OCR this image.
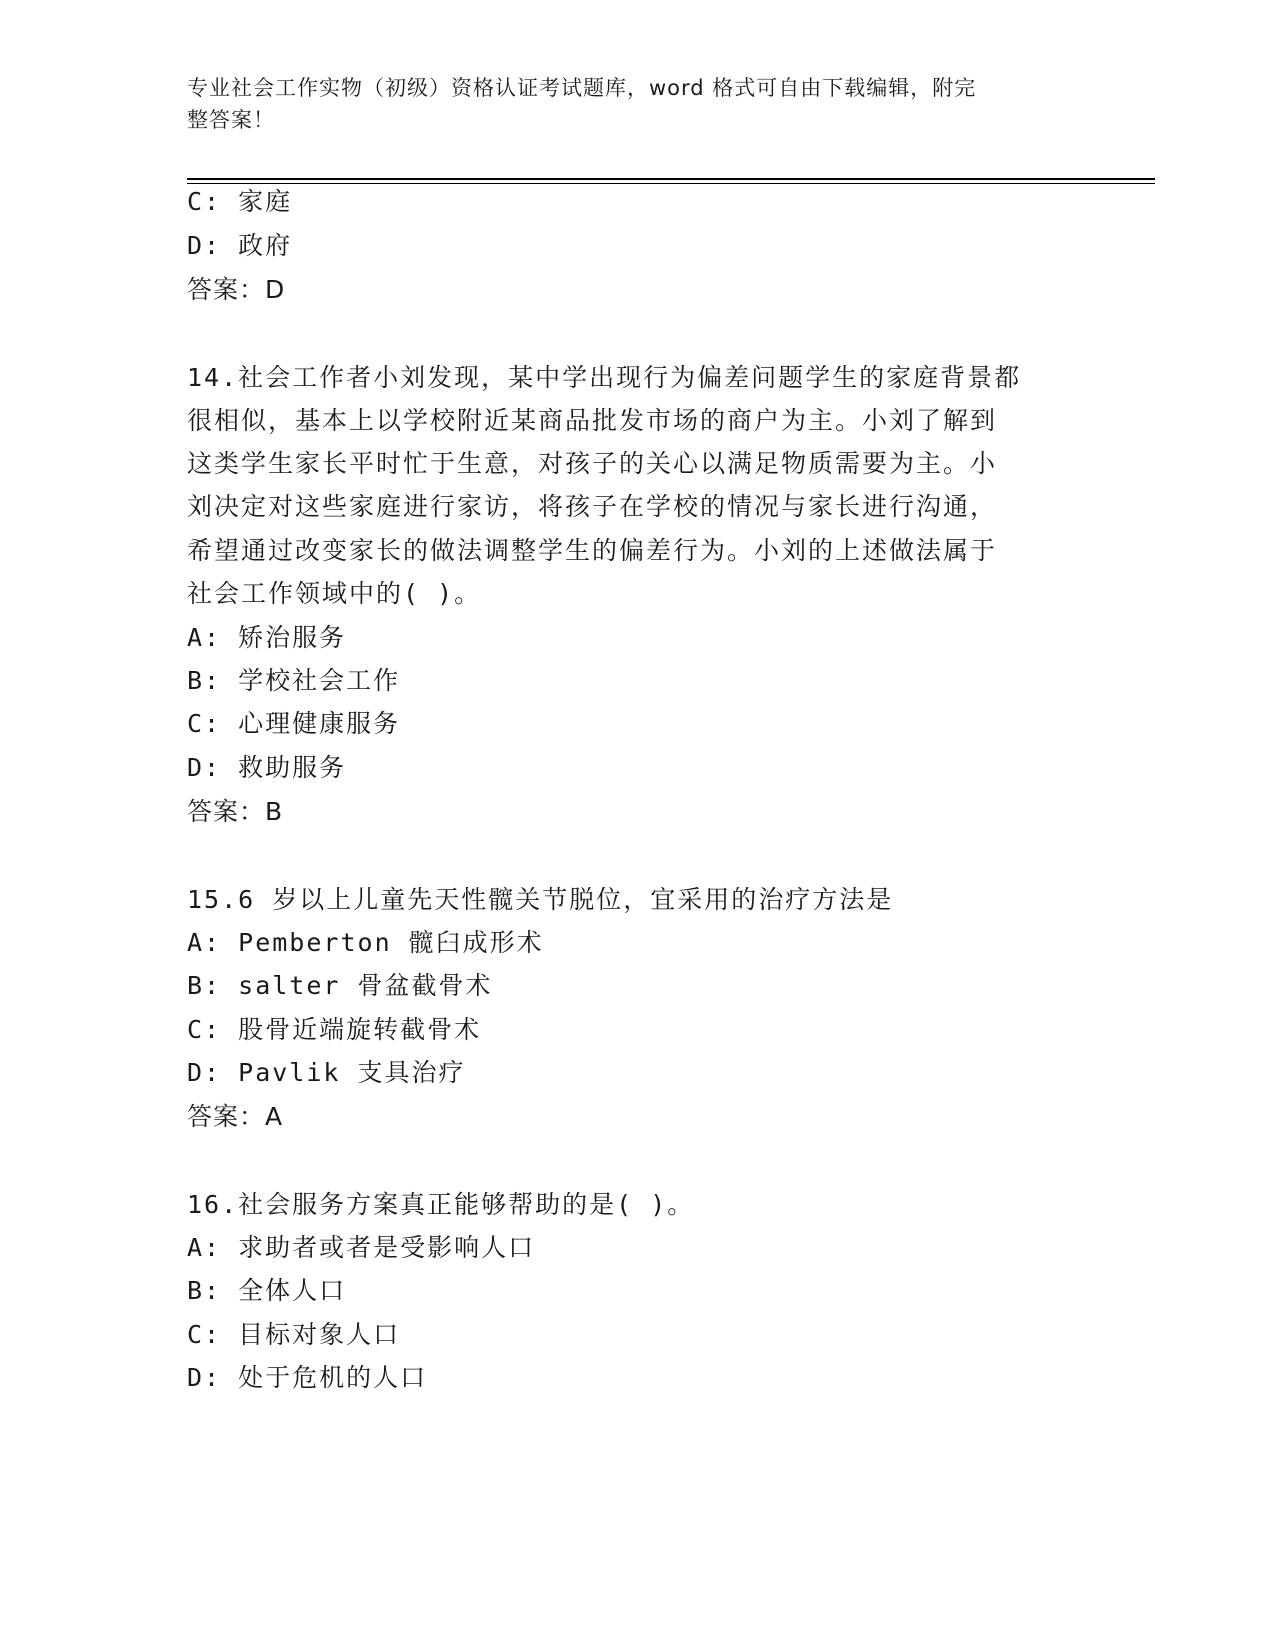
专业社会工作实物（初级）资格认证考试题库，word 格式可自由下载编辑，附完
整答案！
C: 家庭
D: 政府
答案：D
14.社会工作者小刘发现，某中学出现行为偏差问题学生的家庭背景都
很相似，基本上以学校附近某商品批发市场的商户为主。小刘了解到
这类学生家长平时忙于生意，对孩子的关心以满足物质需要为主。小
刘决定对这些家庭进行家访，将孩子在学校的情况与家长进行沟通，
希望通过改变家长的做法调整学生的偏差行为。小刘的上述做法属于
社会工作领域中的( )。
A: 矫治服务
B: 学校社会工作
C: 心理健康服务
D: 救助服务
答案：B
15.6 岁以上儿童先天性髋关节脱位，宜采用的治疗方法是
A: Pemberton 髋臼成形术
B: salter 骨盆截骨术
C: 股骨近端旋转截骨术
D: Pavlik 支具治疗
答案：A
16.社会服务方案真正能够帮助的是( )。
A: 求助者或者是受影响人口
B: 全体人口
C: 目标对象人口
D: 处于危机的人口
